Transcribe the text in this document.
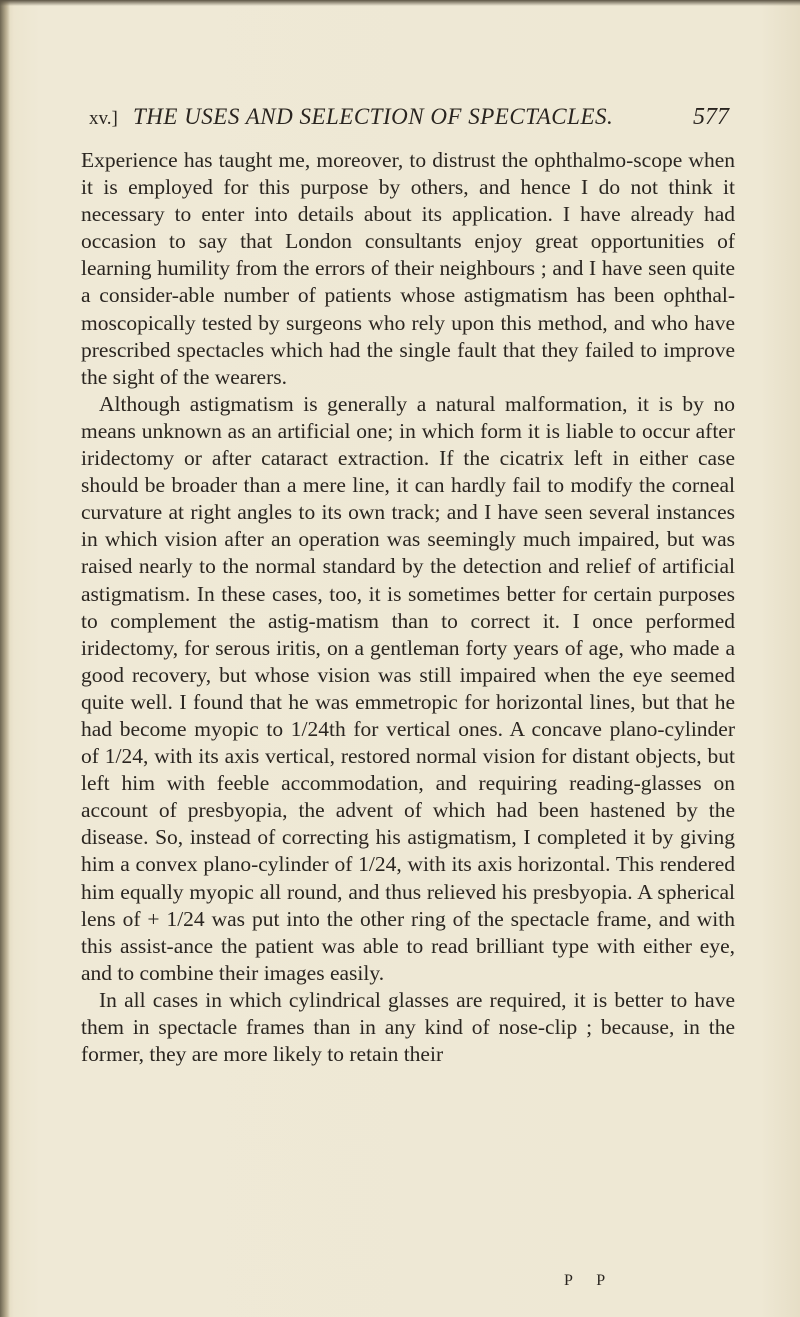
xv.] THE USES AND SELECTION OF SPECTACLES.	577

Experience has taught me, moreover, to distrust the ophthalmo-scope when it is employed for this purpose by others, and hence I do not think it necessary to enter into details about its application. I have already had occasion to say that London consultants enjoy great opportunities of learning humility from the errors of their neighbours ; and I have seen quite a consider-able number of patients whose astigmatism has been ophthal-moscopically tested by surgeons who rely upon this method, and who have prescribed spectacles which had the single fault that they failed to improve the sight of the wearers.

Although astigmatism is generally a natural malformation, it is by no means unknown as an artificial one; in which form it is liable to occur after iridectomy or after cataract extraction. If the cicatrix left in either case should be broader than a mere line, it can hardly fail to modify the corneal curvature at right angles to its own track; and I have seen several instances in which vision after an operation was seemingly much impaired, but was raised nearly to the normal standard by the detection and relief of artificial astigmatism. In these cases, too, it is sometimes better for certain purposes to complement the astig-matism than to correct it. I once performed iridectomy, for serous iritis, on a gentleman forty years of age, who made a good recovery, but whose vision was still impaired when the eye seemed quite well. I found that he was emmetropic for horizontal lines, but that he had become myopic to 1/24th for vertical ones. A concave plano-cylinder of 1/24, with its axis vertical, restored normal vision for distant objects, but left him with feeble accommodation, and requiring reading-glasses on account of presbyopia, the advent of which had been hastened by the disease. So, instead of correcting his astigmatism, I completed it by giving him a convex plano-cylinder of 1/24, with its axis horizontal. This rendered him equally myopic all round, and thus relieved his presbyopia. A spherical lens of + 1/24 was put into the other ring of the spectacle frame, and with this assist-ance the patient was able to read brilliant type with either eye, and to combine their images easily.

In all cases in which cylindrical glasses are required, it is better to have them in spectacle frames than in any kind of nose-clip ; because, in the former, they are more likely to retain their

P P
